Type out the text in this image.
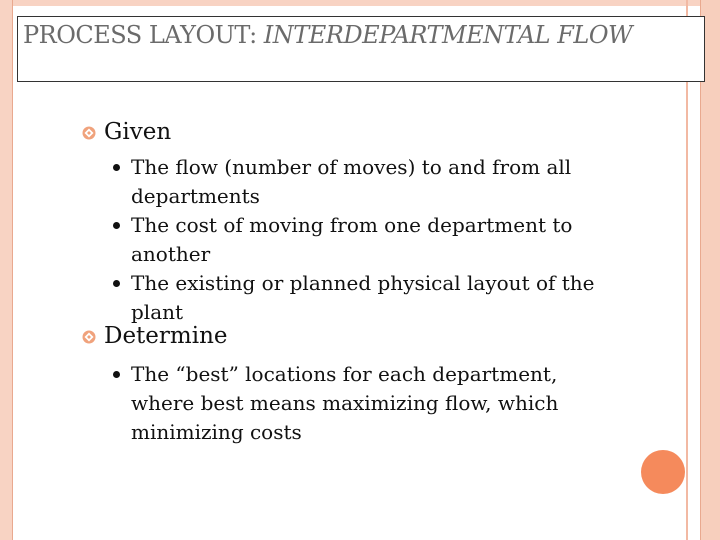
PROCESS LAYOUT: INTERDEPARTMENTAL FLOW
Given
The flow (number of moves) to and from all departments
The cost of moving from one department to another
The existing or planned physical layout of the plant
Determine
The “best” locations for each department, where best means maximizing flow, which minimizing costs
